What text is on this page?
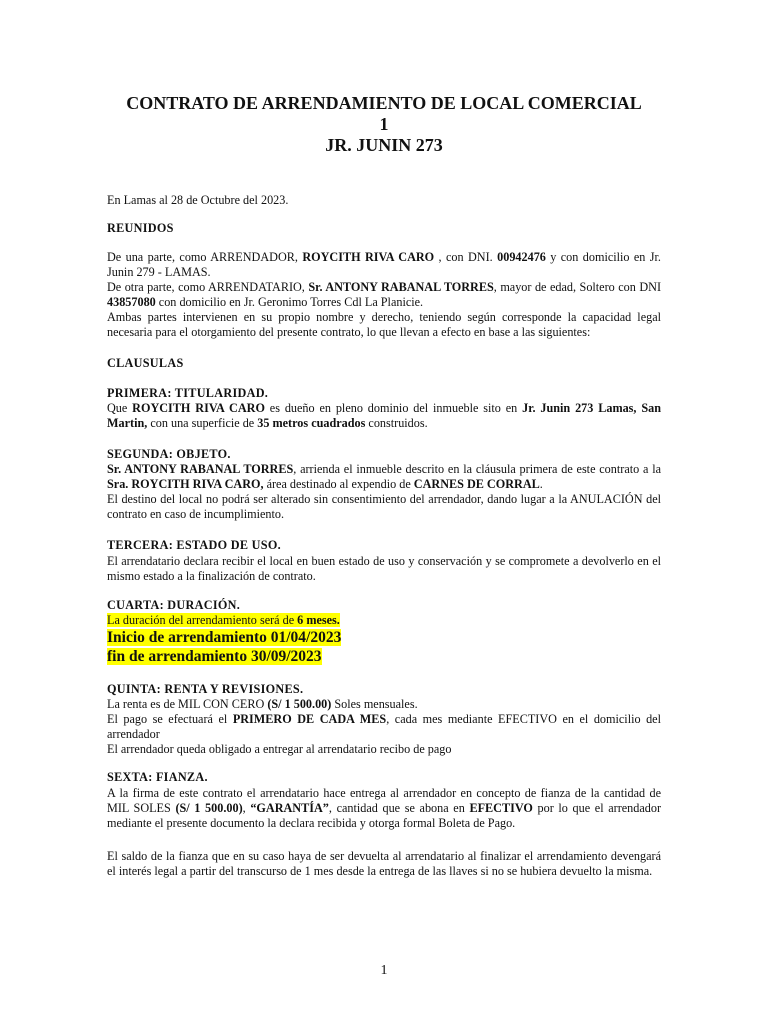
CONTRATO DE ARRENDAMIENTO DE LOCAL COMERCIAL
1
JR. JUNIN 273
En Lamas al 28 de Octubre del 2023.
REUNIDOS
De una parte, como ARRENDADOR, ROYCITH RIVA CARO , con DNI. 00942476 y con domicilio en Jr. Junin 279 - LAMAS.
De otra parte, como ARRENDATARIO, Sr. ANTONY RABANAL TORRES, mayor de edad, Soltero con DNI 43857080 con domicilio en Jr. Geronimo Torres Cdl La Planicie.
Ambas partes intervienen en su propio nombre y derecho, teniendo según corresponde la capacidad legal necesaria para el otorgamiento del presente contrato, lo que llevan a efecto en base a las siguientes:
CLAUSULAS
PRIMERA: TITULARIDAD.
Que ROYCITH RIVA CARO es dueño en pleno dominio del inmueble sito en Jr. Junin 273 Lamas, San Martin, con una superficie de 35 metros cuadrados construidos.
SEGUNDA: OBJETO.
Sr. ANTONY RABANAL TORRES, arrienda el inmueble descrito en la cláusula primera de este contrato a la Sra. ROYCITH RIVA CARO, área destinado al expendio de CARNES DE CORRAL.
El destino del local no podrá ser alterado sin consentimiento del arrendador, dando lugar a la ANULACIÓN del contrato en caso de incumplimiento.
TERCERA: ESTADO DE USO.
El arrendatario declara recibir el local en buen estado de uso y conservación y se compromete a devolverlo en el mismo estado a la finalización de contrato.
CUARTA: DURACIÓN.
La duración del arrendamiento será de 6 meses.
Inicio de arrendamiento 01/04/2023
fin de arrendamiento 30/09/2023
QUINTA: RENTA Y REVISIONES.
La renta es de MIL CON CERO (S/ 1 500.00) Soles mensuales.
El pago se efectuará el PRIMERO DE CADA MES, cada mes mediante EFECTIVO en el domicilio del arrendador
El arrendador queda obligado a entregar al arrendatario recibo de pago
SEXTA: FIANZA.
A la firma de este contrato el arrendatario hace entrega al arrendador en concepto de fianza de la cantidad de MIL SOLES (S/ 1 500.00), “GARANTÍA”, cantidad que se abona en EFECTIVO por lo que el arrendador mediante el presente documento la declara recibida y otorga formal Boleta de Pago.
El saldo de la fianza que en su caso haya de ser devuelta al arrendatario al finalizar el arrendamiento devengará el interés legal a partir del transcurso de 1 mes desde la entrega de las llaves si no se hubiera devuelto la misma.
1
